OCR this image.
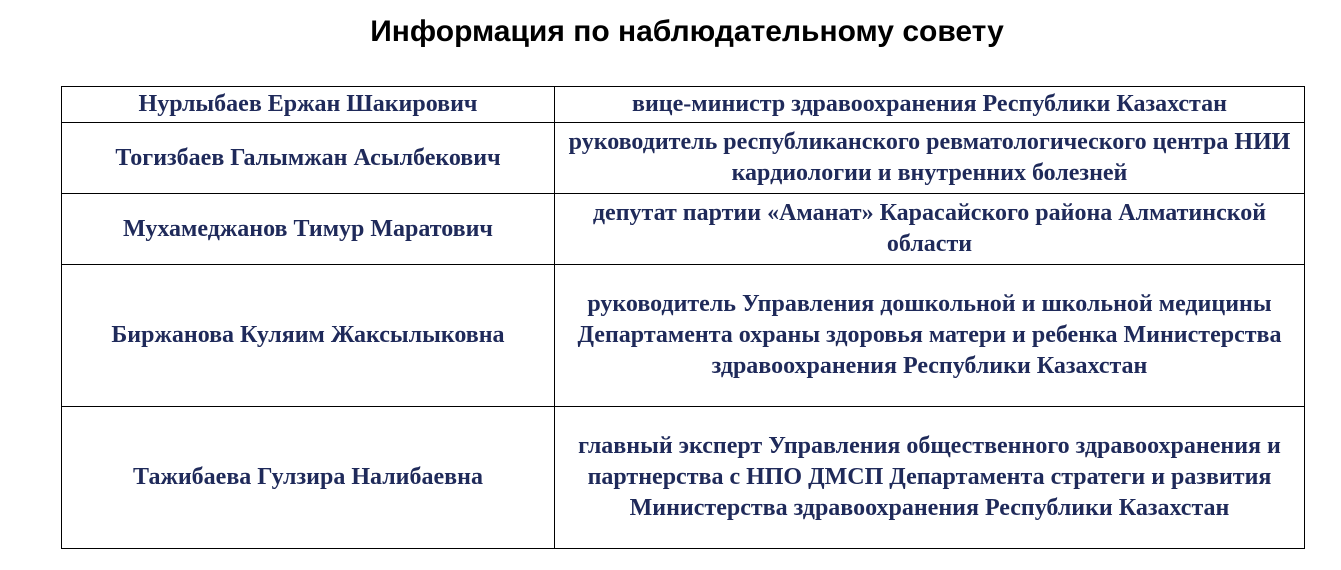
Информация по наблюдательному совету
Нурлыбаев Ержан Шакирович	вице-министр здравоохранения Республики Казахстан
Тогизбаев Галымжан Асылбекович	руководитель республиканского ревматологического центра НИИ кардиологии и внутренних болезней
Мухамеджанов Тимур Маратович	депутат партии «Аманат» Карасайского района Алматинской области
Биржанова Куляим Жаксылыковна	руководитель Управления дошкольной и школьной медицины Департамента охраны здоровья матери и ребенка Министерства здравоохранения Республики Казахстан
Тажибаева Гулзира Налибаевна	главный эксперт Управления общественного здравоохранения и партнерства с НПО ДМСП Департамента стратеги и развития Министерства здравоохранения Республики Казахстан
